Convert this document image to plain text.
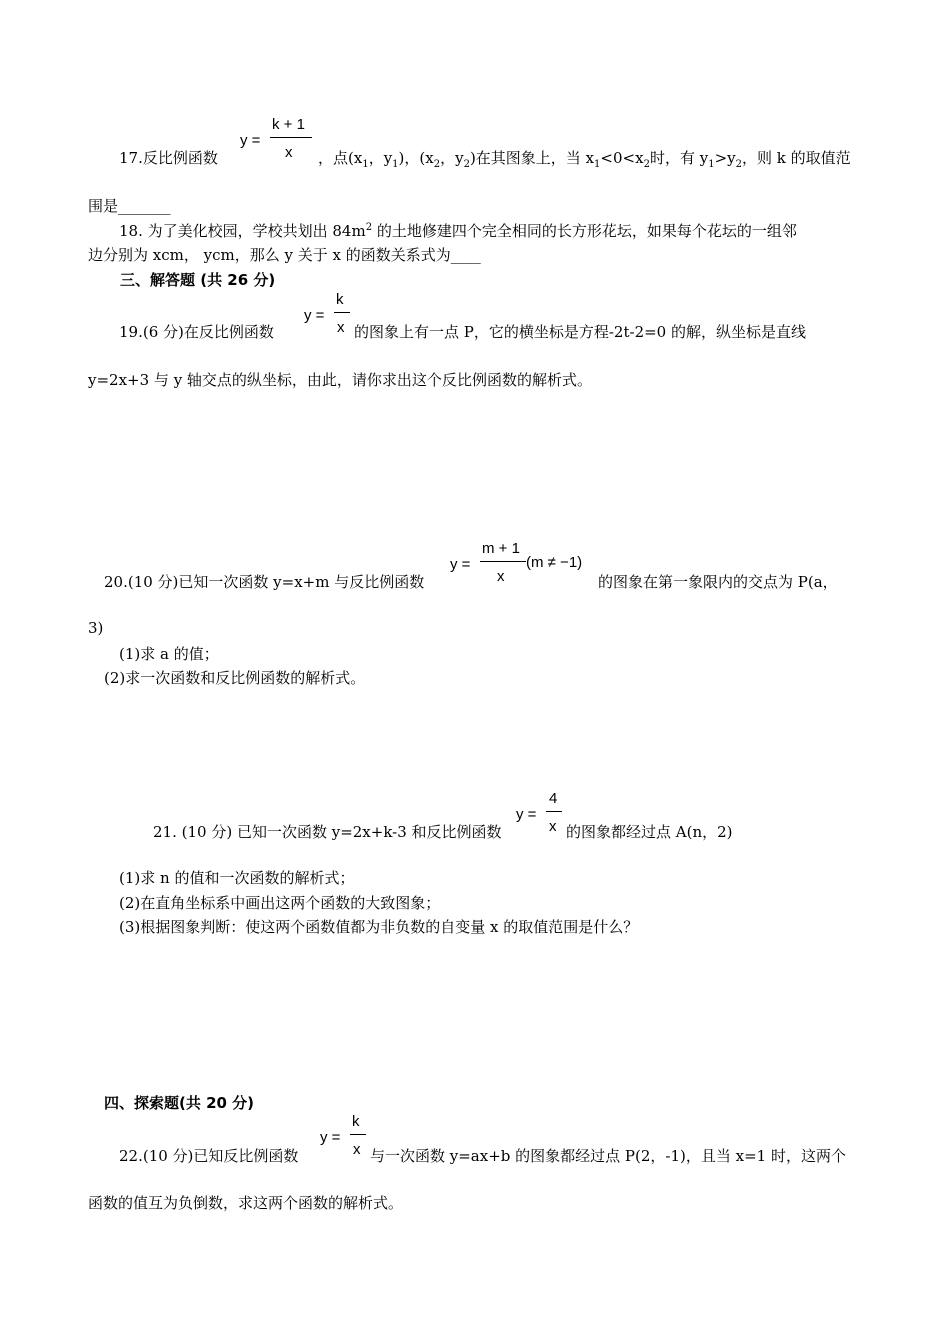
17.反比例函数
y =
k + 1
x ，点($x_1$，$y_1$)，($x_2$，$y_2$)在其图象上，当 $x_1<0<x_2$时，有 $y_1>y_2$，则 k 的取值范
围是_______
18. 为了美化校园，学校共划出 $84m^2$ 的土地修建四个完全相同的长方形花坛，如果每个花坛的一组邻
边分别为 xcm， ycm，那么 y 关于 x 的函数关系式为____
三、解答题 (共 26 分)
19.(6 分)在反比例函数
y =
k
x 的图象上有一点 P，它的横坐标是方程-2t-2=0 的解，纵坐标是直线
y=2x+3 与 y 轴交点的纵坐标，由此，请你求出这个反比例函数的解析式。
20.(10 分)已知一次函数 y=x+m 与反比例函数
y =
m + 1
x
(m ≠ −1)
的图象在第一象限内的交点为 P(a，
3)
(1)求 a 的值；
(2)求一次函数和反比例函数的解析式。
21. (10 分) 已知一次函数 y=2x+k-3 和反比例函数
y =
4
x 的图象都经过点 A(n，2)
(1)求 n 的值和一次函数的解析式；
(2)在直角坐标系中画出这两个函数的大致图象；
(3)根据图象判断：使这两个函数值都为非负数的自变量 x 的取值范围是什么？
四、探索题(共 20 分)
22.(10 分)已知反比例函数
y =
k
x 与一次函数 y=ax+b 的图象都经过点 P(2，-1)，且当 x=1 时，这两个
函数的值互为负倒数，求这两个函数的解析式。
